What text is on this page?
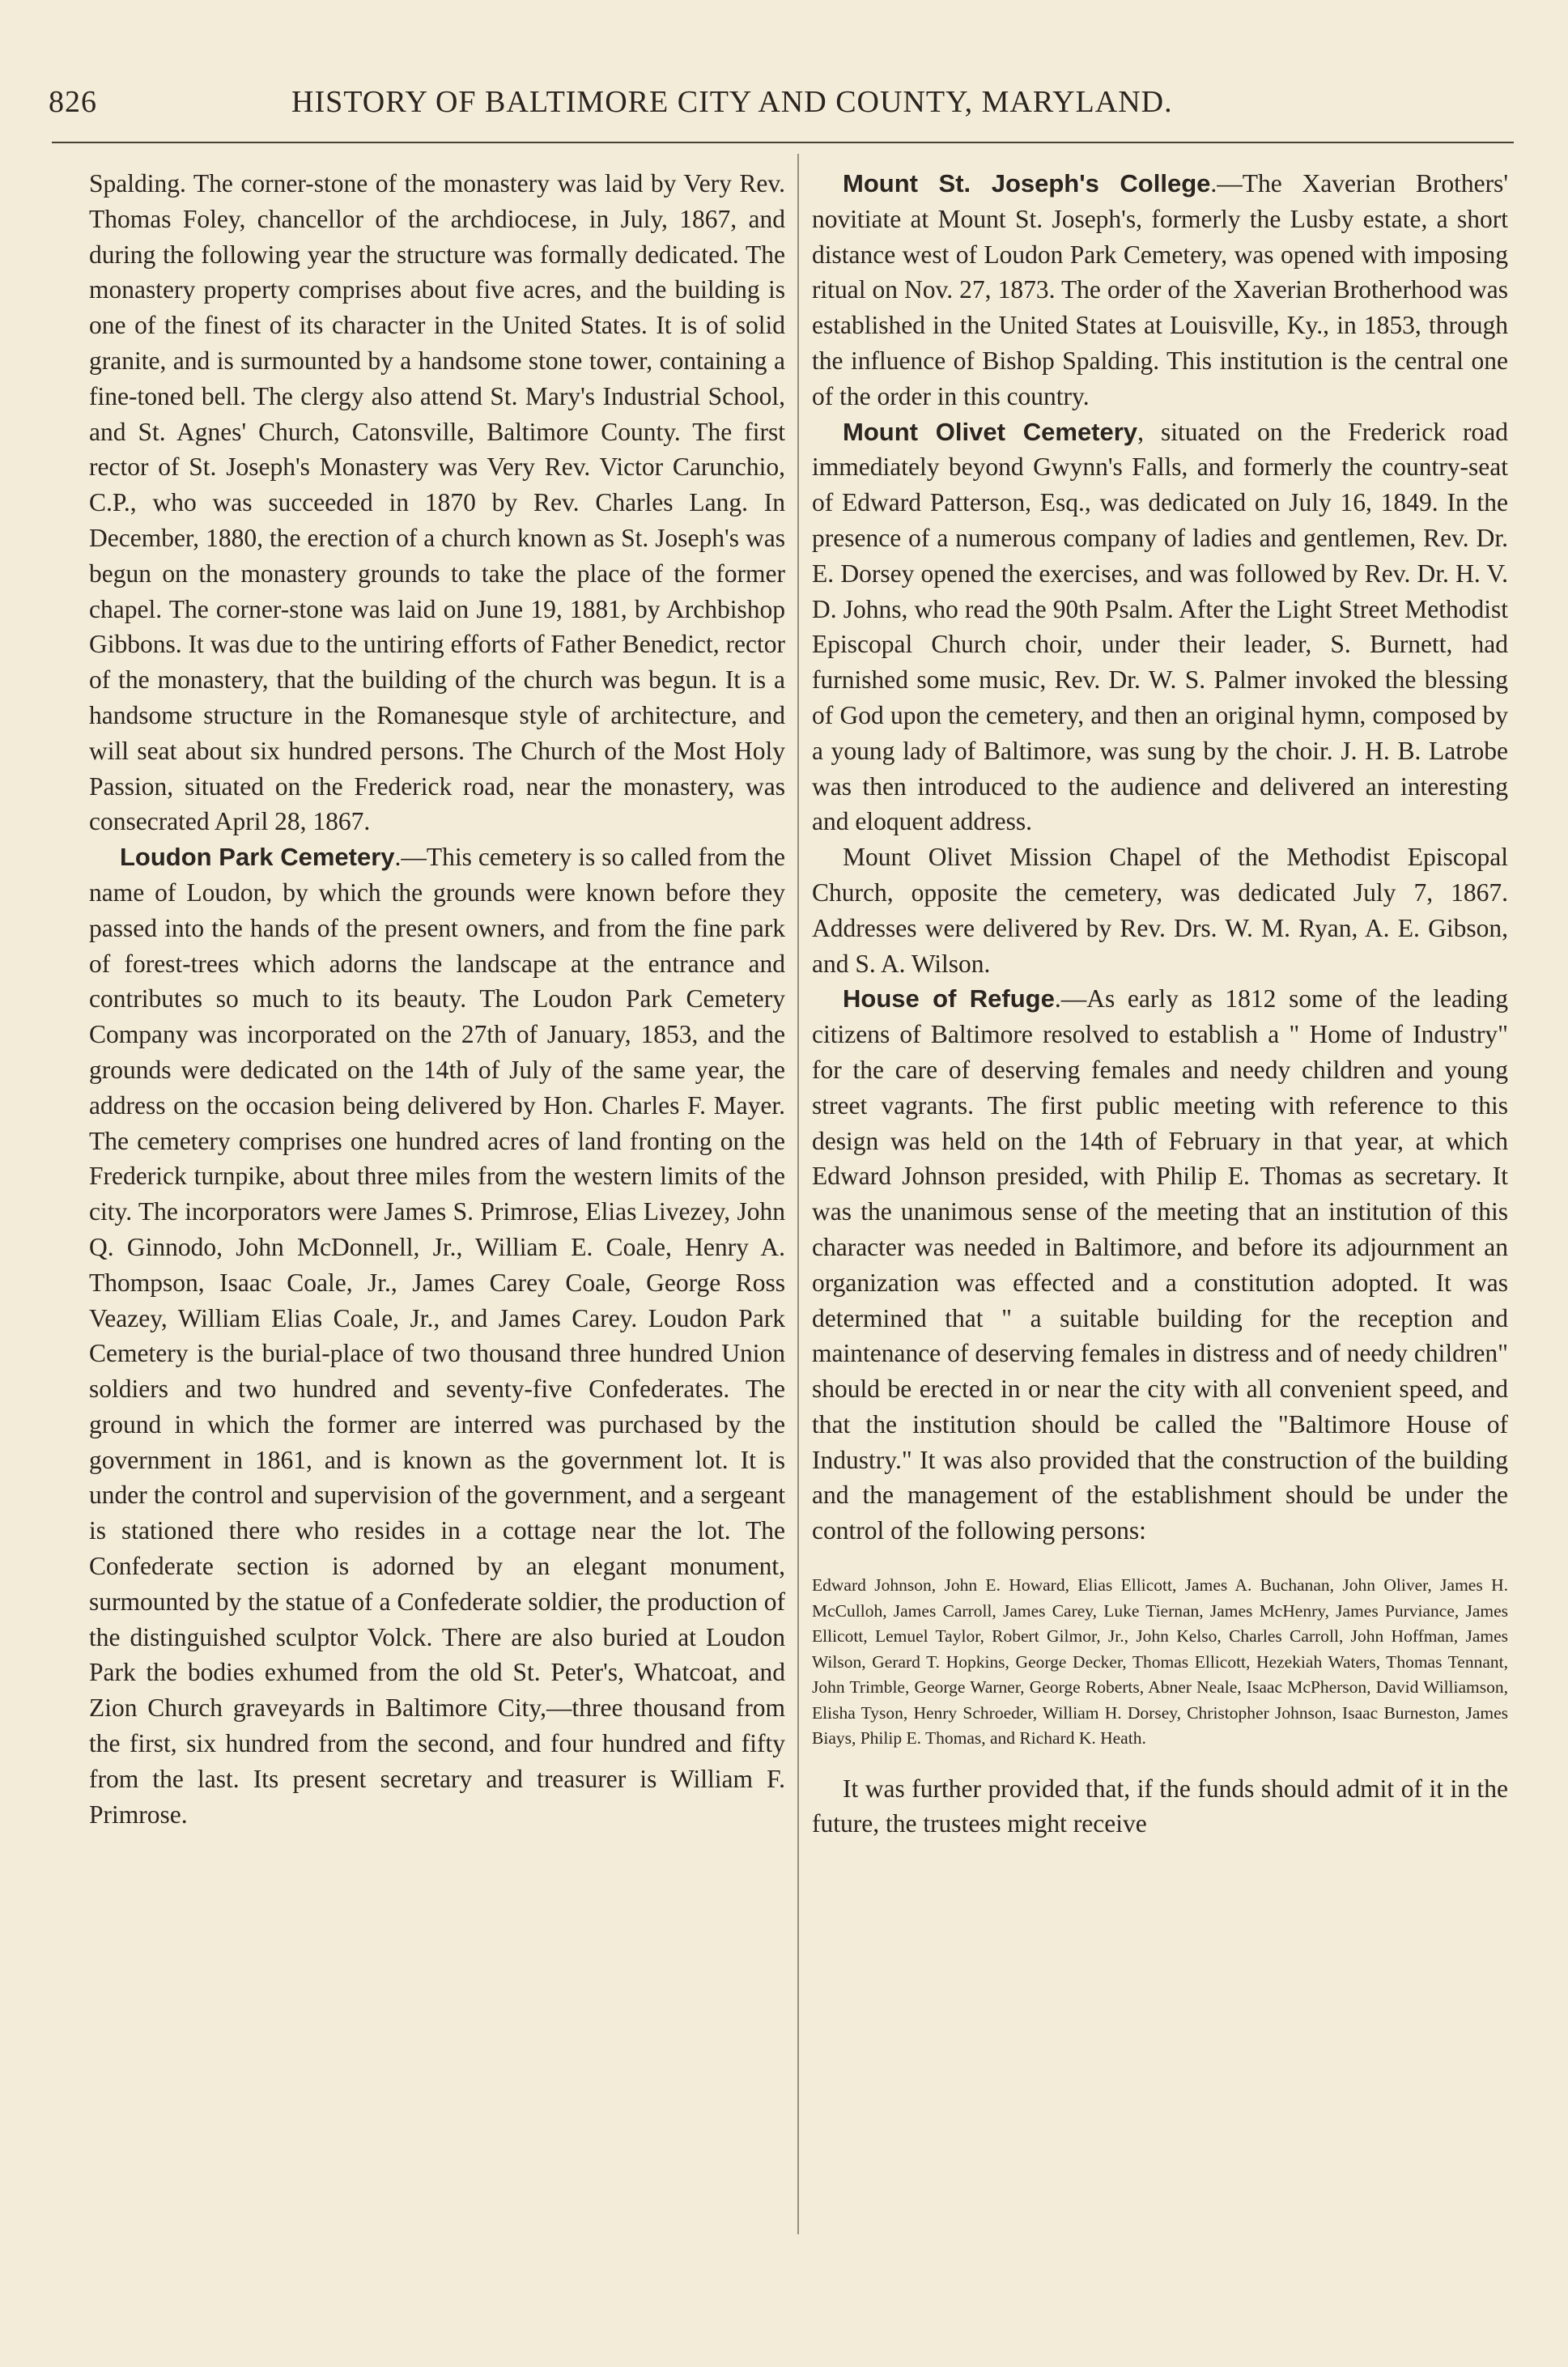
826	HISTORY OF BALTIMORE CITY AND COUNTY, MARYLAND.

Spalding. The corner-stone of the monastery was laid by Very Rev. Thomas Foley, chancellor of the archdiocese, in July, 1867, and during the following year the structure was formally dedicated. The monastery property comprises about five acres, and the building is one of the finest of its character in the United States. It is of solid granite, and is surmounted by a handsome stone tower, containing a fine-toned bell. The clergy also attend St. Mary's Industrial School, and St. Agnes' Church, Catonsville, Baltimore County. The first rector of St. Joseph's Monastery was Very Rev. Victor Carunchio, C.P., who was succeeded in 1870 by Rev. Charles Lang. In December, 1880, the erection of a church known as St. Joseph's was begun on the monastery grounds to take the place of the former chapel. The corner-stone was laid on June 19, 1881, by Archbishop Gibbons. It was due to the untiring efforts of Father Benedict, rector of the monastery, that the building of the church was begun. It is a handsome structure in the Romanesque style of architecture, and will seat about six hundred persons. The Church of the Most Holy Passion, situated on the Frederick road, near the monastery, was consecrated April 28, 1867.

Loudon Park Cemetery.—This cemetery is so called from the name of Loudon, by which the grounds were known before they passed into the hands of the present owners, and from the fine park of forest-trees which adorns the landscape at the entrance and contributes so much to its beauty. The Loudon Park Cemetery Company was incorporated on the 27th of January, 1853, and the grounds were dedicated on the 14th of July of the same year, the address on the occasion being delivered by Hon. Charles F. Mayer. The cemetery comprises one hundred acres of land fronting on the Frederick turnpike, about three miles from the western limits of the city. The incorporators were James S. Primrose, Elias Livezey, John Q. Ginnodo, John McDonnell, Jr., William E. Coale, Henry A. Thompson, Isaac Coale, Jr., James Carey Coale, George Ross Veazey, William Elias Coale, Jr., and James Carey. Loudon Park Cemetery is the burial-place of two thousand three hundred Union soldiers and two hundred and seventy-five Confederates. The ground in which the former are interred was purchased by the government in 1861, and is known as the government lot. It is under the control and supervision of the government, and a sergeant is stationed there who resides in a cottage near the lot. The Confederate section is adorned by an elegant monument, surmounted by the statue of a Confederate soldier, the production of the distinguished sculptor Volck. There are also buried at Loudon Park the bodies exhumed from the old St. Peter's, Whatcoat, and Zion Church graveyards in Baltimore City,—three thousand from the first, six hundred from the second, and four hundred and fifty from the last. Its present secretary and treasurer is William F. Primrose.

Mount St. Joseph's College.—The Xaverian Brothers' novitiate at Mount St. Joseph's, formerly the Lusby estate, a short distance west of Loudon Park Cemetery, was opened with imposing ritual on Nov. 27, 1873. The order of the Xaverian Brotherhood was established in the United States at Louisville, Ky., in 1853, through the influence of Bishop Spalding. This institution is the central one of the order in this country.

Mount Olivet Cemetery, situated on the Frederick road immediately beyond Gwynn's Falls, and formerly the country-seat of Edward Patterson, Esq., was dedicated on July 16, 1849. In the presence of a numerous company of ladies and gentlemen, Rev. Dr. E. Dorsey opened the exercises, and was followed by Rev. Dr. H. V. D. Johns, who read the 90th Psalm. After the Light Street Methodist Episcopal Church choir, under their leader, S. Burnett, had furnished some music, Rev. Dr. W. S. Palmer invoked the blessing of God upon the cemetery, and then an original hymn, composed by a young lady of Baltimore, was sung by the choir. J. H. B. Latrobe was then introduced to the audience and delivered an interesting and eloquent address.

Mount Olivet Mission Chapel of the Methodist Episcopal Church, opposite the cemetery, was dedicated July 7, 1867. Addresses were delivered by Rev. Drs. W. M. Ryan, A. E. Gibson, and S. A. Wilson.

House of Refuge.—As early as 1812 some of the leading citizens of Baltimore resolved to establish a " Home of Industry" for the care of deserving females and needy children and young street vagrants. The first public meeting with reference to this design was held on the 14th of February in that year, at which Edward Johnson presided, with Philip E. Thomas as secretary. It was the unanimous sense of the meeting that an institution of this character was needed in Baltimore, and before its adjournment an organization was effected and a constitution adopted. It was determined that " a suitable building for the reception and maintenance of deserving females in distress and of needy children" should be erected in or near the city with all convenient speed, and that the institution should be called the "Baltimore House of Industry." It was also provided that the construction of the building and the management of the establishment should be under the control of the following persons:

Edward Johnson, John E. Howard, Elias Ellicott, James A. Buchanan, John Oliver, James H. McCulloh, James Carroll, James Carey, Luke Tiernan, James McHenry, James Purviance, James Ellicott, Lemuel Taylor, Robert Gilmor, Jr., John Kelso, Charles Carroll, John Hoffman, James Wilson, Gerard T. Hopkins, George Decker, Thomas Ellicott, Hezekiah Waters, Thomas Tennant, John Trimble, George Warner, George Roberts, Abner Neale, Isaac McPherson, David Williamson, Elisha Tyson, Henry Schroeder, William H. Dorsey, Christopher Johnson, Isaac Burneston, James Biays, Philip E. Thomas, and Richard K. Heath.

It was further provided that, if the funds should admit of it in the future, the trustees might receive
